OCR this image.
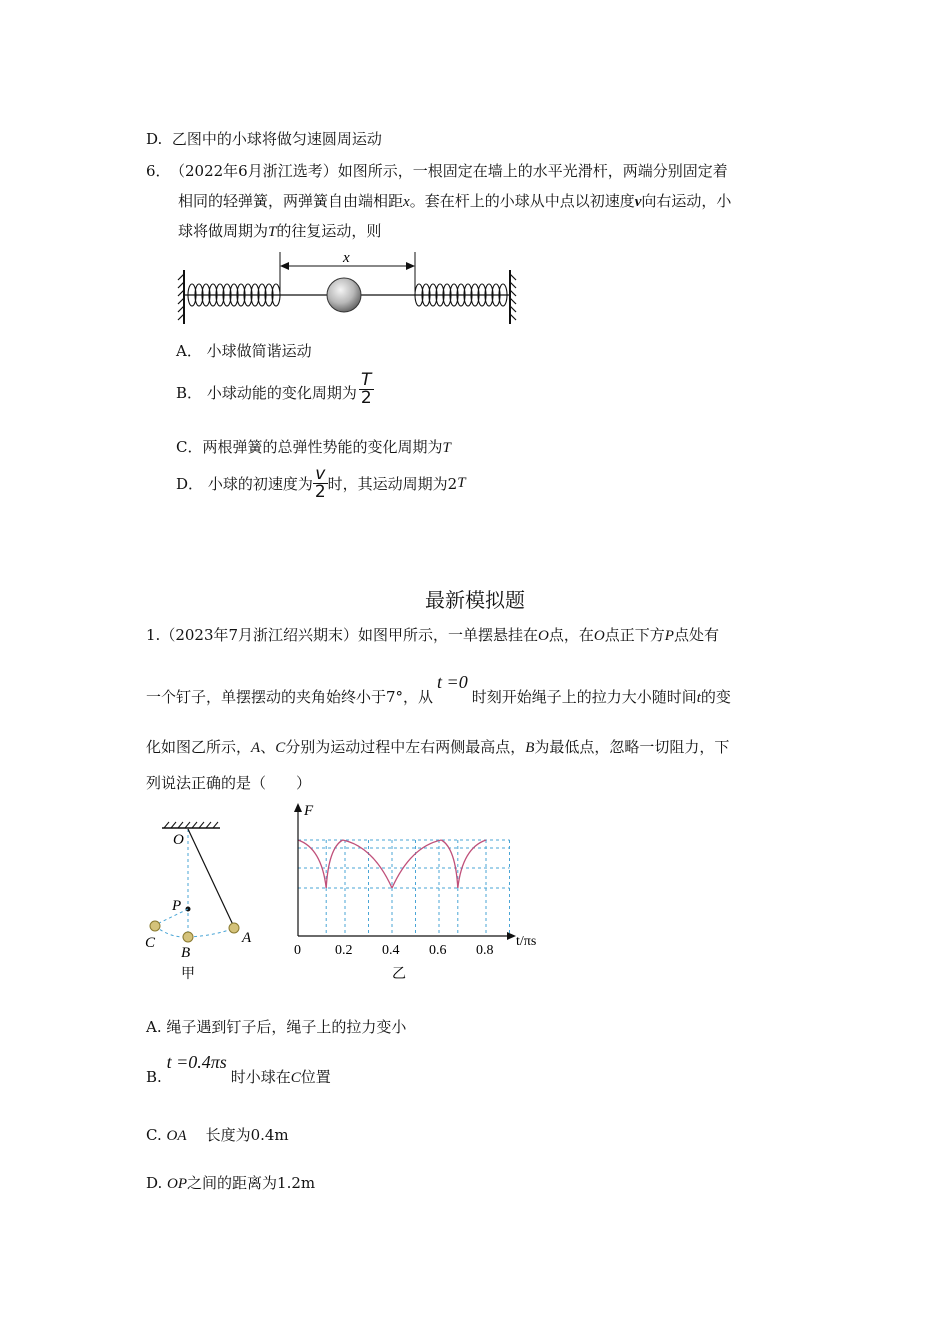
D. 乙图中的小球将做匀速圆周运动
6． （2022年6月浙江选考）如图所示，一根固定在墙上的水平光滑杆，两端分别固定着
相同的轻弹簧，两弹簧自由端相距x。套在杆上的小球从中点以初速度v向右运动，小
球将做周期为T的往复运动，则
x
A． 小球做简谐运动
B．
小球动能的变化周期为 $\frac{T}{2}$
C．两根弹簧的总弹性势能的变化周期为T
D．
小球的初速度为 $\frac{v}{2}$ 时，其运动周期为 2 T
最新模拟题
1.（2023年7月浙江绍兴期末）如图甲所示，一单摆悬挂在O点，在O点正下方P点处有
一个钉子，单摆摆动的夹角始终小于7°，从t =0时刻开始绳子上的拉力大小随时间t的变
化如图乙所示，A、C分别为运动过程中左右两侧最高点，B为最低点，忽略一切阻力，下
列说法正确的是（　　）
O
P
C
B
A
甲
F
t/πs
0 0.2 0.4 0.6 0.8
乙
A. 绳子遇到钉子后，绳子上的拉力变小
B. t =0.4πs时小球在C位置
C. OA 长度为0.4m
D. OP之间的距离为1.2m
